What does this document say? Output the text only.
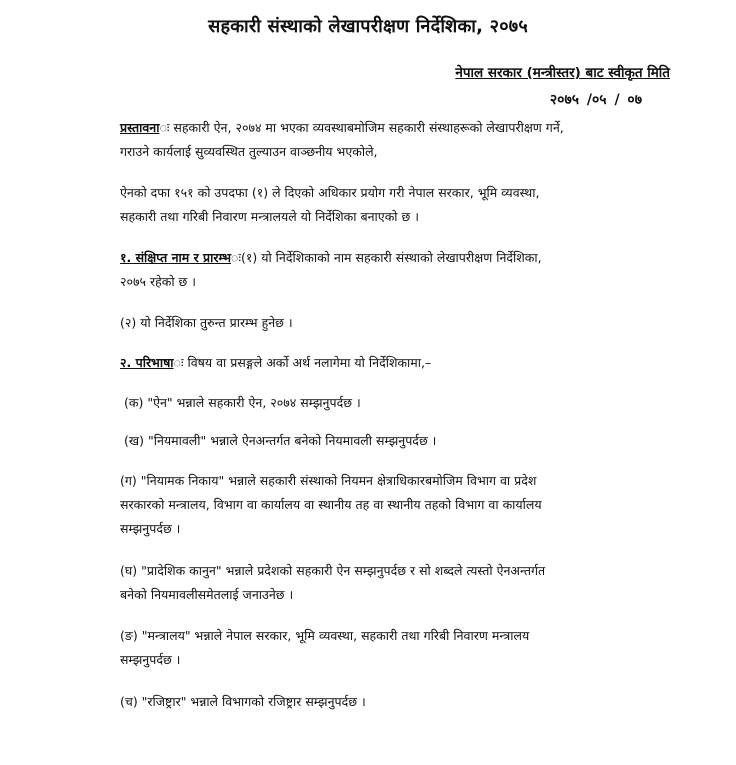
सहकारी संस्थाको लेखापरीक्षण निर्देशिका, २०७५
नेपाल सरकार (मन्त्रीस्तर) बाट स्वीकृत मिति
२०७५ /०५ / ०७
प्रस्तावनाः सहकारी ऐन, २०७४ मा भएका व्यवस्थाबमोजिम सहकारी संस्थाहरूको लेखापरीक्षण गर्ने,
गराउने कार्यलाई सुव्यवस्थित तुल्याउन वाञ्छनीय भएकोले,
ऐनको दफा १५१ को उपदफा (१) ले दिएको अधिकार प्रयोग गरी नेपाल सरकार, भूमि व्यवस्था,
सहकारी तथा गरिबी निवारण मन्त्रालयले यो निर्देशिका बनाएको छ ।
१. संक्षिप्त नाम र प्रारम्भः(१) यो निर्देशिकाको नाम सहकारी संस्थाको लेखापरीक्षण निर्देशिका,
२०७५ रहेको छ ।
(२) यो निर्देशिका तुरुन्त प्रारम्भ हुनेछ ।
२. परिभाषाः विषय वा प्रसङ्गले अर्को अर्थ नलागेमा यो निर्देशिकामा,–
(क) "ऐन" भन्नाले सहकारी ऐन, २०७४ सम्झनुपर्दछ ।
(ख) "नियमावली" भन्नाले ऐनअन्तर्गत बनेको नियमावली सम्झनुपर्दछ ।
(ग) "नियामक निकाय" भन्नाले सहकारी संस्थाको नियमन क्षेत्राधिकारबमोजिम विभाग वा प्रदेश
सरकारको मन्त्रालय, विभाग वा कार्यालय वा स्थानीय तह वा स्थानीय तहको विभाग वा कार्यालय
सम्झनुपर्दछ ।
(घ) "प्रादेशिक कानुन" भन्नाले प्रदेशको सहकारी ऐन सम्झनुपर्दछ र सो शब्दले त्यस्तो ऐनअन्तर्गत
बनेको नियमावलीसमेतलाई जनाउनेछ ।
(ङ) "मन्त्रालय" भन्नाले नेपाल सरकार, भूमि व्यवस्था, सहकारी तथा गरिबी निवारण मन्त्रालय
सम्झनुपर्दछ ।
(च) "रजिष्ट्रार" भन्नाले विभागको रजिष्ट्रार सम्झनुपर्दछ ।
